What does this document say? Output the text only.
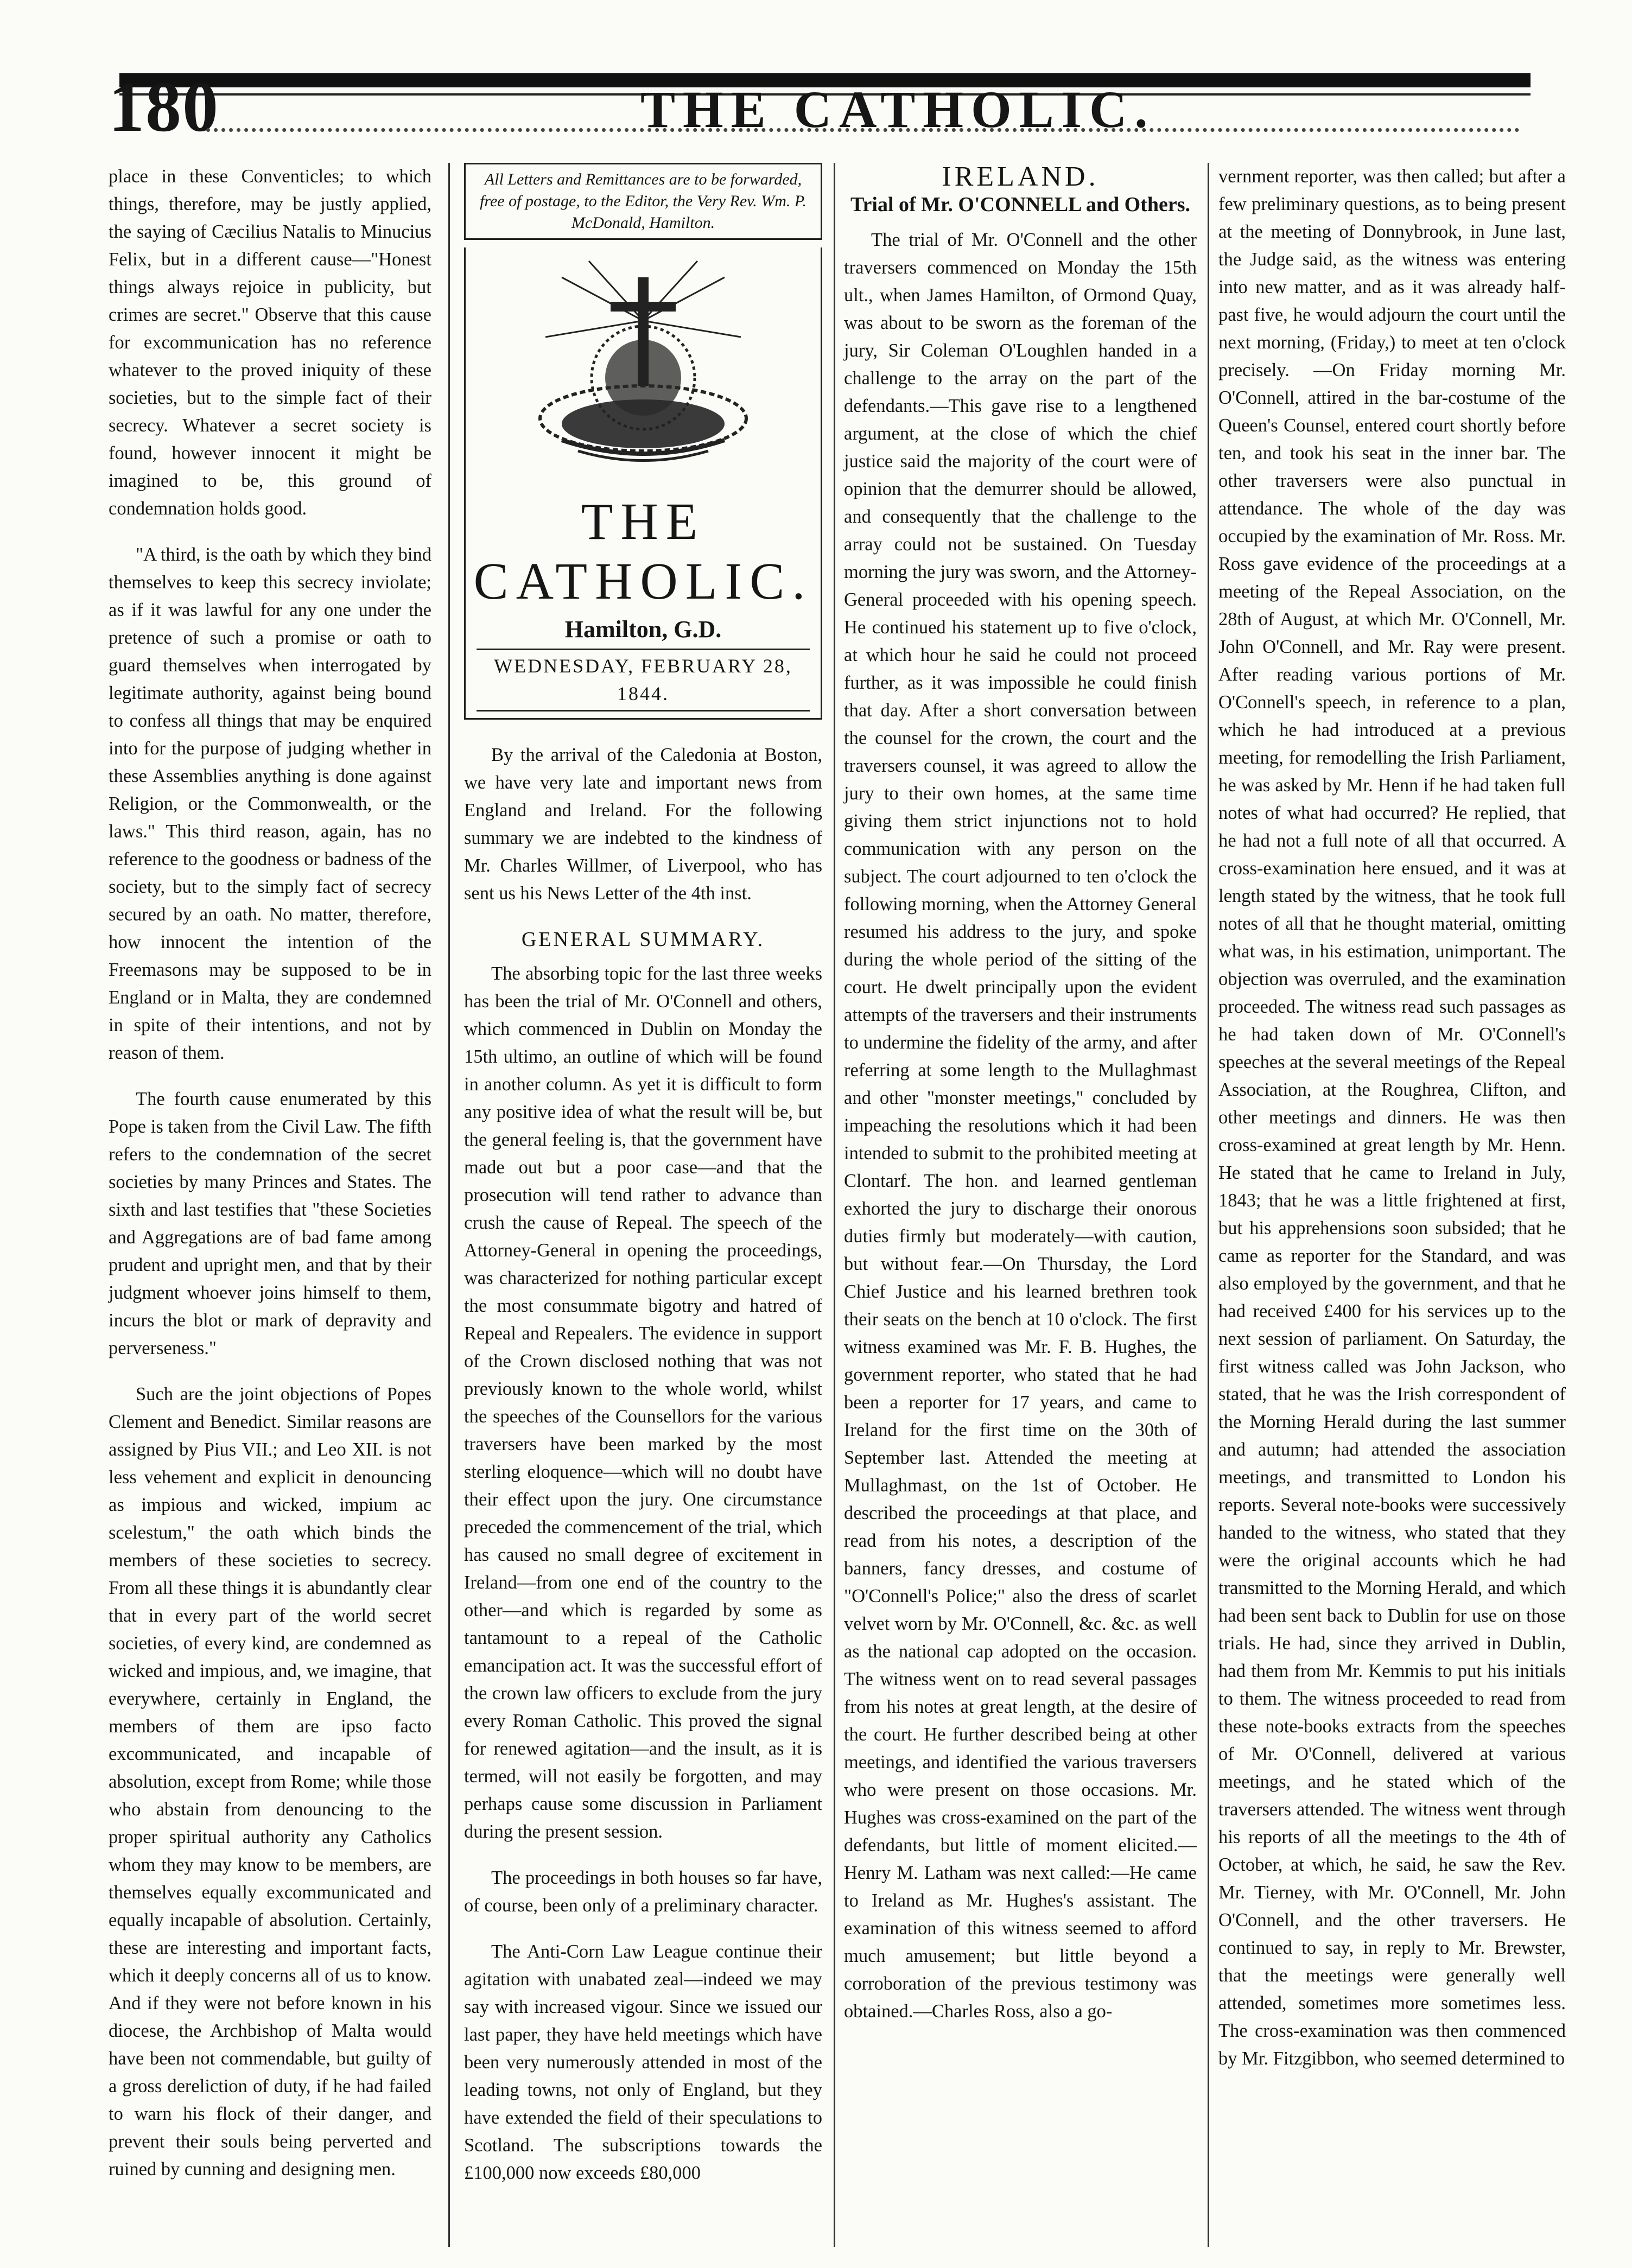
180	THE CATHOLIC.

place in these Conventicles; to which things, therefore, may be justly applied, the saying of Cæcilius Natalis to Minucius Felix, but in a different cause—"Honest things always rejoice in publicity, but crimes are secret." Observe that this cause for excommunication has no reference whatever to the proved iniquity of these societies, but to the simple fact of their secrecy. Whatever a secret society is found, however innocent it might be imagined to be, this ground of condemnation holds good.

"A third, is the oath by which they bind themselves to keep this secrecy inviolate; as if it was lawful for any one under the pretence of such a promise or oath to guard themselves when interrogated by legitimate authority, against being bound to confess all things that may be enquired into for the purpose of judging whether in these Assemblies anything is done against Religion, or the Commonwealth, or the laws." This third reason, again, has no reference to the goodness or badness of the society, but to the simply fact of secrecy secured by an oath. No matter, therefore, how innocent the intention of the Freemasons may be supposed to be in England or in Malta, they are condemned in spite of their intentions, and not by reason of them.

The fourth cause enumerated by this Pope is taken from the Civil Law. The fifth refers to the condemnation of the secret societies by many Princes and States. The sixth and last testifies that "these Societies and Aggregations are of bad fame among prudent and upright men, and that by their judgment whoever joins himself to them, incurs the blot or mark of depravity and perverseness."

Such are the joint objections of Popes Clement and Benedict. Similar reasons are assigned by Pius VII.; and Leo XII. is not less vehement and explicit in denouncing as impious and wicked, impium ac scelestum," the oath which binds the members of these societies to secrecy. From all these things it is abundantly clear that in every part of the world secret societies, of every kind, are condemned as wicked and impious, and, we imagine, that everywhere, certainly in England, the members of them are ipso facto excommunicated, and incapable of absolution, except from Rome; while those who abstain from denouncing to the proper spiritual authority any Catholics whom they may know to be members, are themselves equally excommunicated and equally incapable of absolution. Certainly, these are interesting and important facts, which it deeply concerns all of us to know. And if they were not before known in his diocese, the Archbishop of Malta would have been not commendable, but guilty of a gross dereliction of duty, if he had failed to warn his flock of their danger, and prevent their souls being perverted and ruined by cunning and designing men.

All Letters and Remittances are to be forwarded, free of postage, to the Editor, the Very Rev. Wm. P. McDonald, Hamilton.
THE CATHOLIC.
Hamilton, G.D.
WEDNESDAY, FEBRUARY 28, 1844.

By the arrival of the Caledonia at Boston, we have very late and important news from England and Ireland. For the following summary we are indebted to the kindness of Mr. Charles Willmer, of Liverpool, who has sent us his News Letter of the 4th inst.

GENERAL SUMMARY.

The absorbing topic for the last three weeks has been the trial of Mr. O'Connell and others, which commenced in Dublin on Monday the 15th ultimo, an outline of which will be found in another column. As yet it is difficult to form any positive idea of what the result will be, but the general feeling is, that the government have made out but a poor case—and that the prosecution will tend rather to advance than crush the cause of Repeal. The speech of the Attorney-General in opening the proceedings, was characterized for nothing particular except the most consummate bigotry and hatred of Repeal and Repealers. The evidence in support of the Crown disclosed nothing that was not previously known to the whole world, whilst the speeches of the Counsellors for the various traversers have been marked by the most sterling eloquence—which will no doubt have their effect upon the jury. One circumstance preceded the commencement of the trial, which has caused no small degree of excitement in Ireland—from one end of the country to the other—and which is regarded by some as tantamount to a repeal of the Catholic emancipation act. It was the successful effort of the crown law officers to exclude from the jury every Roman Catholic. This proved the signal for renewed agitation—and the insult, as it is termed, will not easily be forgotten, and may perhaps cause some discussion in Parliament during the present session.

The proceedings in both houses so far have, of course, been only of a preliminary character.

The Anti-Corn Law League continue their agitation with unabated zeal—indeed we may say with increased vigour. Since we issued our last paper, they have held meetings which have been very numerously attended in most of the leading towns, not only of England, but they have extended the field of their speculations to Scotland. The subscriptions towards the £100,000 now exceeds £80,000

IRELAND.
Trial of Mr. O'CONNELL and Others.

The trial of Mr. O'Connell and the other traversers commenced on Monday the 15th ult., when James Hamilton, of Ormond Quay, was about to be sworn as the foreman of the jury, Sir Coleman O'Loughlen handed in a challenge to the array on the part of the defendants.—This gave rise to a lengthened argument, at the close of which the chief justice said the majority of the court were of opinion that the demurrer should be allowed, and consequently that the challenge to the array could not be sustained. On Tuesday morning the jury was sworn, and the Attorney-General proceeded with his opening speech. He continued his statement up to five o'clock, at which hour he said he could not proceed further, as it was impossible he could finish that day. After a short conversation between the counsel for the crown, the court and the traversers counsel, it was agreed to allow the jury to their own homes, at the same time giving them strict injunctions not to hold communication with any person on the subject. The court adjourned to ten o'clock the following morning, when the Attorney General resumed his address to the jury, and spoke during the whole period of the sitting of the court. He dwelt principally upon the evident attempts of the traversers and their instruments to undermine the fidelity of the army, and after referring at some length to the Mullaghmast and other "monster meetings," concluded by impeaching the resolutions which it had been intended to submit to the prohibited meeting at Clontarf. The hon. and learned gentleman exhorted the jury to discharge their onorous duties firmly but moderately—with caution, but without fear.—On Thursday, the Lord Chief Justice and his learned brethren took their seats on the bench at 10 o'clock. The first witness examined was Mr. F. B. Hughes, the government reporter, who stated that he had been a reporter for 17 years, and came to Ireland for the first time on the 30th of September last. Attended the meeting at Mullaghmast, on the 1st of October. He described the proceedings at that place, and read from his notes, a description of the banners, fancy dresses, and costume of "O'Connell's Police;" also the dress of scarlet velvet worn by Mr. O'Connell, &c. &c. as well as the national cap adopted on the occasion. The witness went on to read several passages from his notes at great length, at the desire of the court. He further described being at other meetings, and identified the various traversers who were present on those occasions. Mr. Hughes was cross-examined on the part of the defendants, but little of moment elicited.—Henry M. Latham was next called:—He came to Ireland as Mr. Hughes's assistant. The examination of this witness seemed to afford much amusement; but little beyond a corroboration of the previous testimony was obtained.—Charles Ross, also a go-

vernment reporter, was then called; but after a few preliminary questions, as to being present at the meeting of Donnybrook, in June last, the Judge said, as the witness was entering into new matter, and as it was already half-past five, he would adjourn the court until the next morning, (Friday,) to meet at ten o'clock precisely. —On Friday morning Mr. O'Connell, attired in the bar-costume of the Queen's Counsel, entered court shortly before ten, and took his seat in the inner bar. The other traversers were also punctual in attendance. The whole of the day was occupied by the examination of Mr. Ross. Mr. Ross gave evidence of the proceedings at a meeting of the Repeal Association, on the 28th of August, at which Mr. O'Connell, Mr. John O'Connell, and Mr. Ray were present. After reading various portions of Mr. O'Connell's speech, in reference to a plan, which he had introduced at a previous meeting, for remodelling the Irish Parliament, he was asked by Mr. Henn if he had taken full notes of what had occurred? He replied, that he had not a full note of all that occurred. A cross-examination here ensued, and it was at length stated by the witness, that he took full notes of all that he thought material, omitting what was, in his estimation, unimportant. The objection was overruled, and the examination proceeded. The witness read such passages as he had taken down of Mr. O'Connell's speeches at the several meetings of the Repeal Association, at the Roughrea, Clifton, and other meetings and dinners. He was then cross-examined at great length by Mr. Henn. He stated that he came to Ireland in July, 1843; that he was a little frightened at first, but his apprehensions soon subsided; that he came as reporter for the Standard, and was also employed by the government, and that he had received £400 for his services up to the next session of parliament. On Saturday, the first witness called was John Jackson, who stated, that he was the Irish correspondent of the Morning Herald during the last summer and autumn; had attended the association meetings, and transmitted to London his reports. Several note-books were successively handed to the witness, who stated that they were the original accounts which he had transmitted to the Morning Herald, and which had been sent back to Dublin for use on those trials. He had, since they arrived in Dublin, had them from Mr. Kemmis to put his initials to them. The witness proceeded to read from these note-books extracts from the speeches of Mr. O'Connell, delivered at various meetings, and he stated which of the traversers attended. The witness went through his reports of all the meetings to the 4th of October, at which, he said, he saw the Rev. Mr. Tierney, with Mr. O'Connell, Mr. John O'Connell, and the other traversers. He continued to say, in reply to Mr. Brewster, that the meetings were generally well attended, sometimes more sometimes less. The cross-examination was then commenced by Mr. Fitzgibbon, who seemed determined to
